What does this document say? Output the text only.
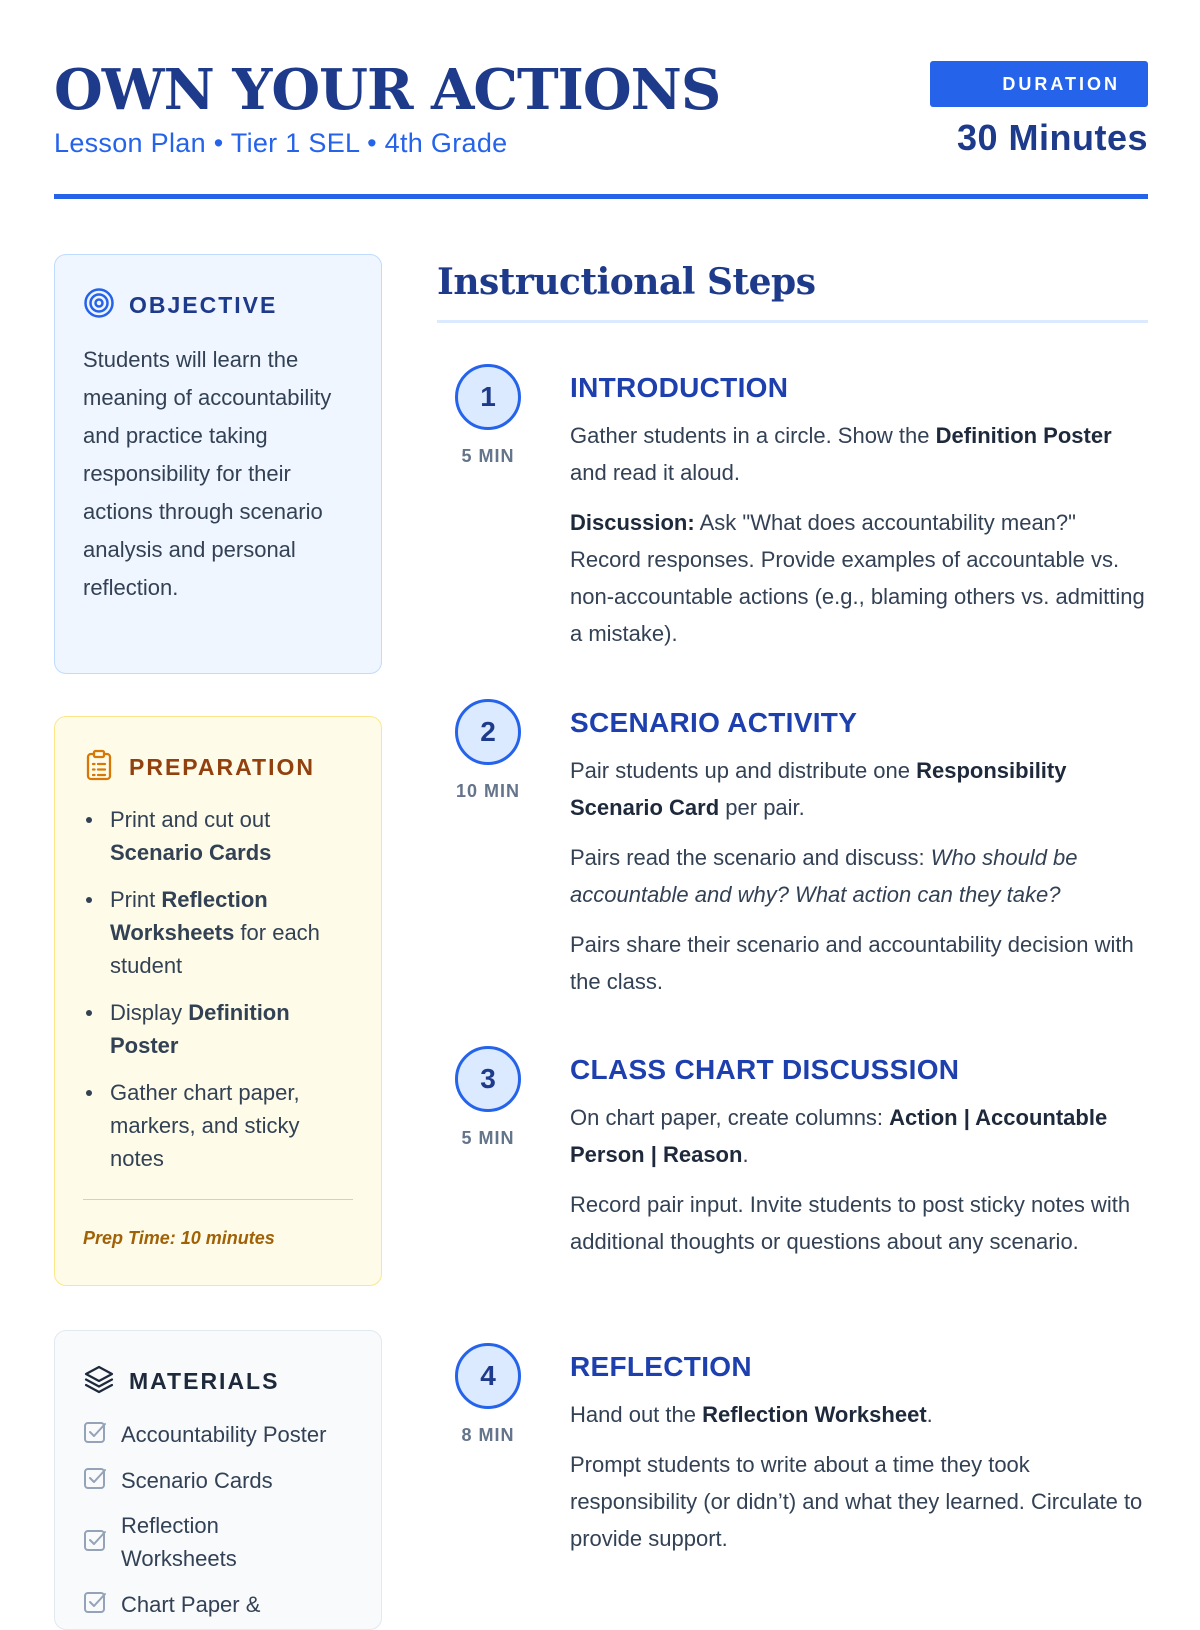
OWN YOUR ACTIONS
Lesson Plan • Tier 1 SEL • 4th Grade
DURATION
30 Minutes
OBJECTIVE

Students will learn the meaning of accountability and practice taking responsibility for their actions through scenario analysis and personal reflection.

PREPARATION
Print and cut out Scenario Cards
Print Reflection Worksheets for each student
Display Definition Poster
Gather chart paper, markers, and sticky notes
Prep Time: 10 minutes
MATERIALS
Accountability Poster
Scenario Cards
Reflection Worksheets
Chart Paper &
Instructional Steps
1
5 MIN
INTRODUCTION

Gather students in a circle. Show the Definition Poster and read it aloud.

Discussion: Ask "What does accountability mean?" Record responses. Provide examples of accountable vs. non-accountable actions (e.g., blaming others vs. admitting a mistake).

2
10 MIN
SCENARIO ACTIVITY

Pair students up and distribute one Responsibility Scenario Card per pair.

Pairs read the scenario and discuss: Who should be accountable and why? What action can they take?

Pairs share their scenario and accountability decision with the class.

3
5 MIN
CLASS CHART DISCUSSION

On chart paper, create columns: Action | Accountable Person | Reason.

Record pair input. Invite students to post sticky notes with additional thoughts or questions about any scenario.

4
8 MIN
REFLECTION

Hand out the Reflection Worksheet.

Prompt students to write about a time they took responsibility (or didn’t) and what they learned. Circulate to provide support.
